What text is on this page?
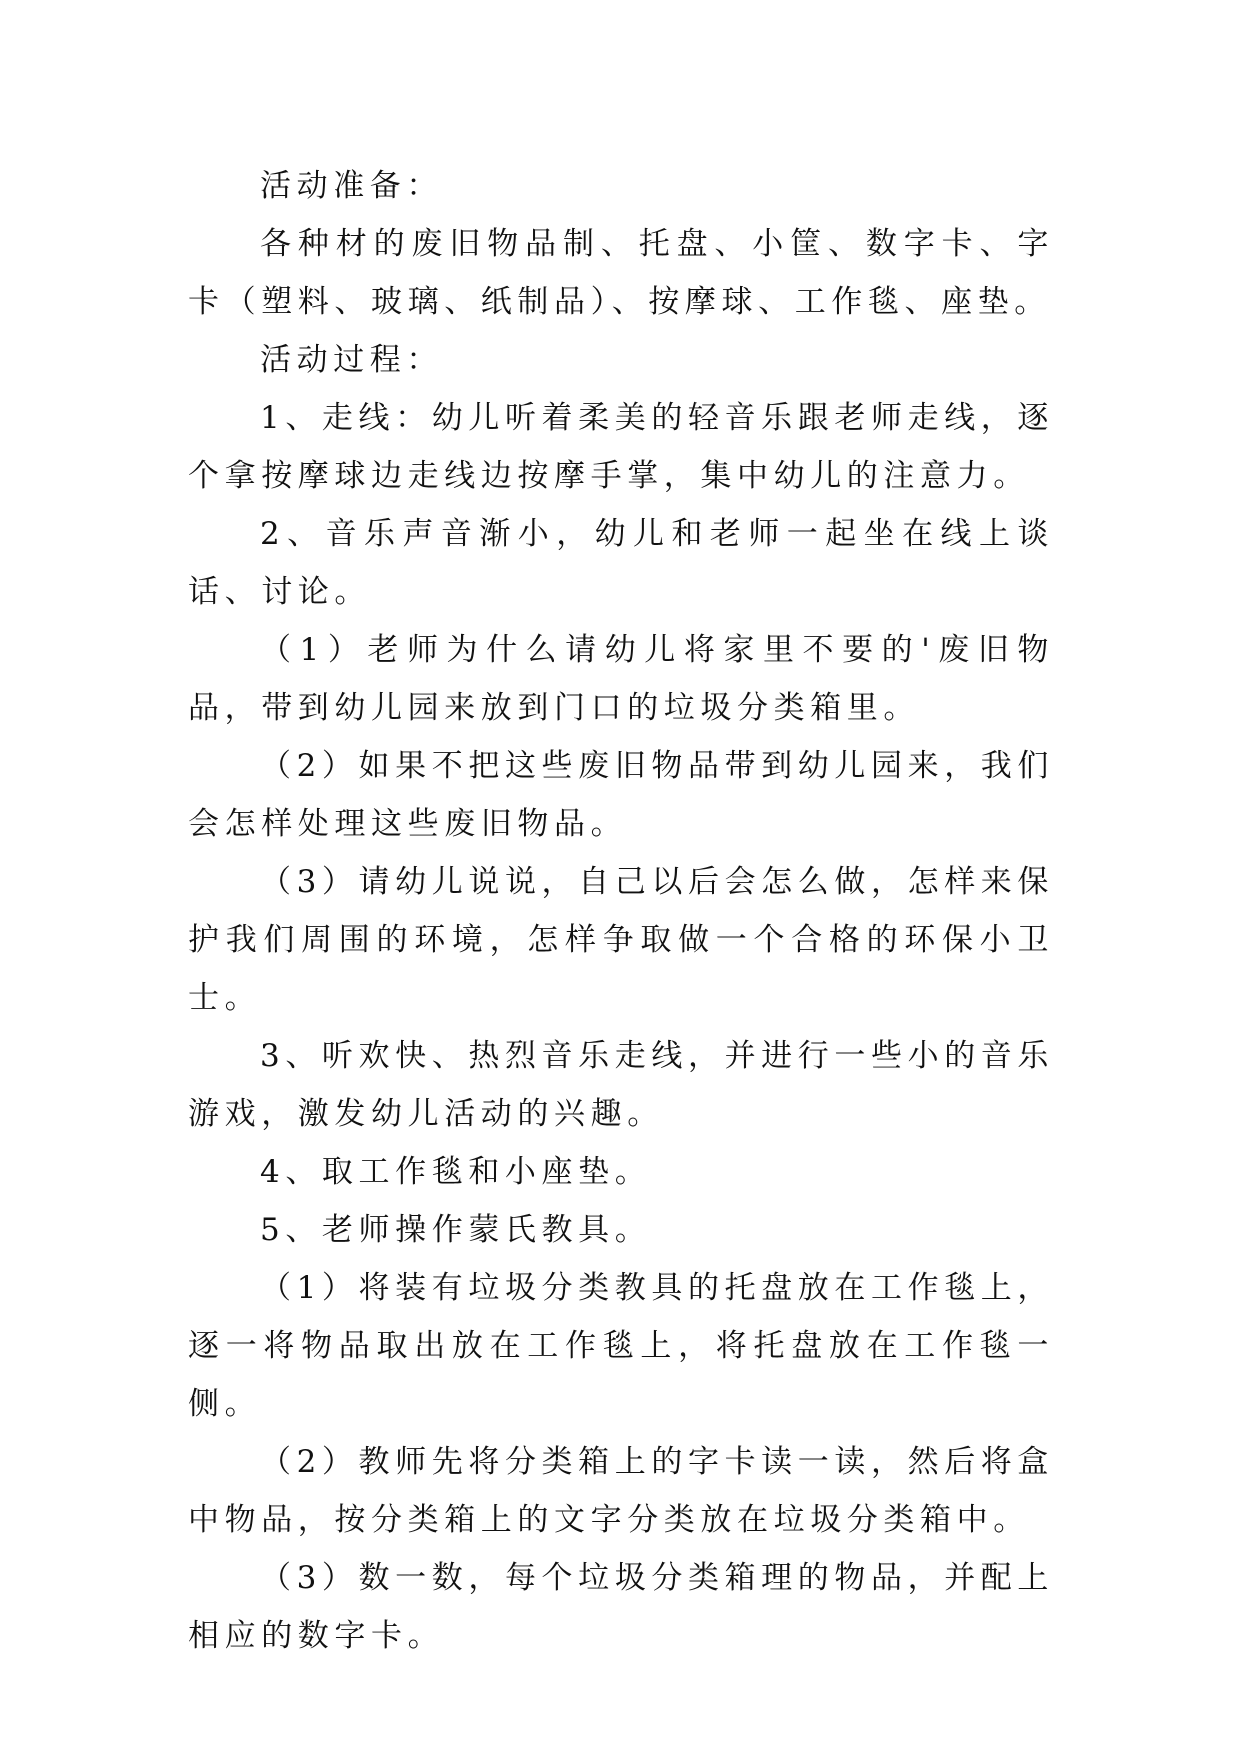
活动准备：

各种材的废旧物品制、托盘、小筐、数字卡、字卡（塑料、玻璃、纸制品）、按摩球、工作毯、座垫。

活动过程：

1、走线：幼儿听着柔美的轻音乐跟老师走线，逐个拿按摩球边走线边按摩手掌，集中幼儿的注意力。

2、音乐声音渐小，幼儿和老师一起坐在线上谈话、讨论。

（1）老师为什么请幼儿将家里不要的'废旧物品，带到幼儿园来放到门口的垃圾分类箱里。

（2）如果不把这些废旧物品带到幼儿园来，我们会怎样处理这些废旧物品。

（3）请幼儿说说，自己以后会怎么做，怎样来保护我们周围的环境，怎样争取做一个合格的环保小卫士。

3、听欢快、热烈音乐走线，并进行一些小的音乐游戏，激发幼儿活动的兴趣。

4、取工作毯和小座垫。

5、老师操作蒙氏教具。

（1）将装有垃圾分类教具的托盘放在工作毯上，逐一将物品取出放在工作毯上，将托盘放在工作毯一侧。

（2）教师先将分类箱上的字卡读一读，然后将盒中物品，按分类箱上的文字分类放在垃圾分类箱中。

（3）数一数，每个垃圾分类箱理的物品，并配上相应的数字卡。
